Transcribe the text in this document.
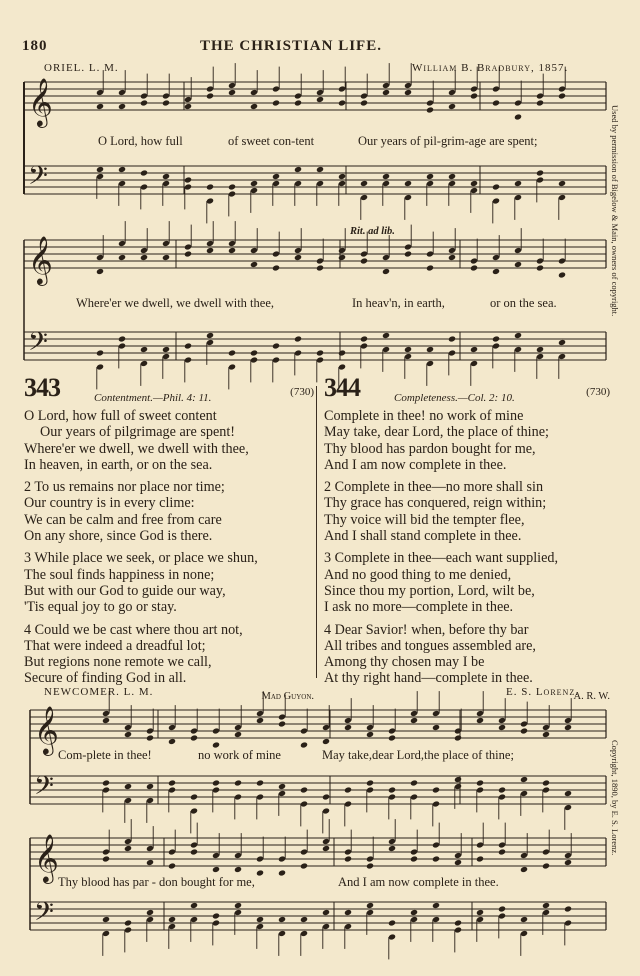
180	THE CHRISTIAN LIFE.
ORIEL. L. M.	William B. Bradbury, 1857.
Used by permission of Bigelow & Main, owners of copyright.
𝄞
𝄢
𝄞
𝄢
𝄞
𝄢
𝄞
𝄢
O Lord, how full	of sweet con-tent	Our years of pil-grim-age are spent;
Rit. ad lib.
Where'er we dwell, we dwell with thee,	In heav'n, in earth,	or on the sea.
343	Contentment.—Phil. 4: 11.	(730)
O Lord, how full of sweet content
Our years of pilgrimage are spent!
Where'er we dwell, we dwell with thee,
In heaven, in earth, or on the sea.
2 To us remains nor place nor time;
Our country is in every clime:
We can be calm and free from care
On any shore, since God is there.
3 While place we seek, or place we shun,
The soul finds happiness in none;
But with our God to guide our way,
'Tis equal joy to go or stay.
4 Could we be cast where thou art not,
That were indeed a dreadful lot;
But regions none remote we call,
Secure of finding God in all.
Mad Guyon.
344	Completeness.—Col. 2: 10.	(730)
Complete in thee! no work of mine
May take, dear Lord, the place of thine;
Thy blood has pardon bought for me,
And I am now complete in thee.
2 Complete in thee—no more shall sin
Thy grace has conquered, reign within;
Thy voice will bid the tempter flee,
And I shall stand complete in thee.
3 Complete in thee—each want supplied,
And no good thing to me denied,
Since thou my portion, Lord, wilt be,
I ask no more—complete in thee.
4 Dear Savior! when, before thy bar
All tribes and tongues assembled are,
Among thy chosen may I be
At thy right hand—complete in thee.
A. R. W.
NEWCOMER. L. M.	E. S. Lorenz.
Copyright, 1890, by E. S. Lorenz.
Com-plete in thee!	no work of mine	May take,dear Lord,the place of thine;
Thy blood has par - don bought for me,	And I am now complete in thee.
